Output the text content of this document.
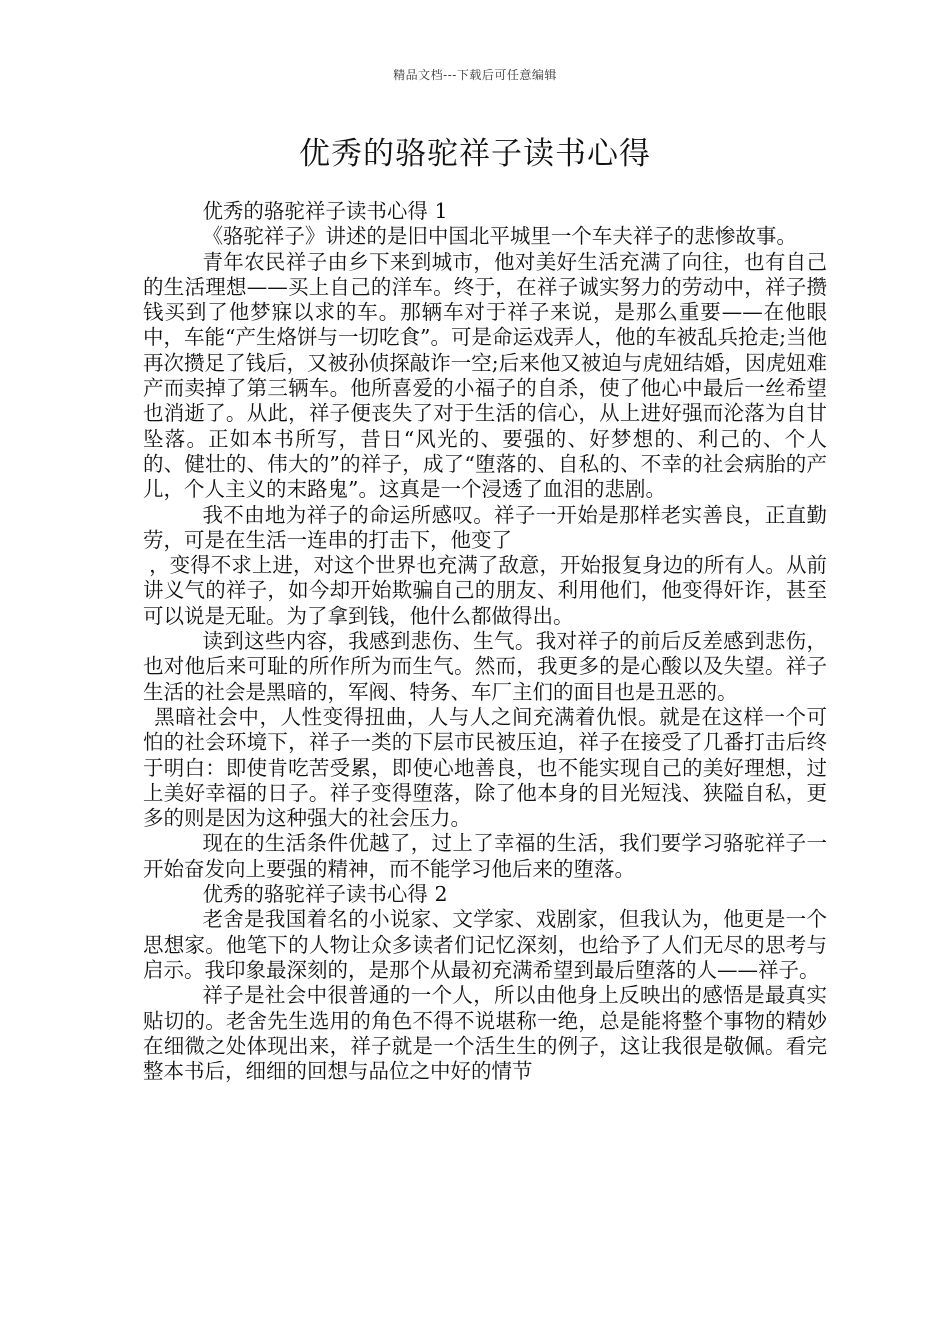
精品文档---下载后可任意编辑
优秀的骆驼祥子读书心得

优秀的骆驼祥子读书心得 1

《骆驼祥子》讲述的是旧中国北平城里一个车夫祥子的悲惨故事。

青年农民祥子由乡下来到城市，他对美好生活充满了向往，也有自己的生活理想——买上自己的洋车。终于，在祥子诚实努力的劳动中，祥子攒钱买到了他梦寐以求的车。那辆车对于祥子来说，是那么重要——在他眼中，车能“产生烙饼与一切吃食”。可是命运戏弄人，他的车被乱兵抢走;当他再次攒足了钱后，又被孙侦探敲诈一空;后来他又被迫与虎妞结婚，因虎妞难产而卖掉了第三辆车。他所喜爱的小福子的自杀，使了他心中最后一丝希望也消逝了。从此，祥子便丧失了对于生活的信心，从上进好强而沦落为自甘坠落。正如本书所写，昔日“风光的、要强的、好梦想的、利己的、个人的、健壮的、伟大的”的祥子，成了“堕落的、自私的、不幸的社会病胎的产儿，个人主义的末路鬼”。这真是一个浸透了血泪的悲剧。

我不由地为祥子的命运所感叹。祥子一开始是那样老实善良，正直勤劳，可是在生活一连串的打击下，他变了

，变得不求上进，对这个世界也充满了敌意，开始报复身边的所有人。从前讲义气的祥子，如今却开始欺骗自己的朋友、利用他们，他变得奸诈，甚至可以说是无耻。为了拿到钱，他什么都做得出。

读到这些内容，我感到悲伤、生气。我对祥子的前后反差感到悲伤，也对他后来可耻的所作所为而生气。然而，我更多的是心酸以及失望。祥子生活的社会是黑暗的，军阀、特务、车厂主们的面目也是丑恶的。

黑暗社会中，人性变得扭曲，人与人之间充满着仇恨。就是在这样一个可怕的社会环境下，祥子一类的下层市民被压迫，祥子在接受了几番打击后终于明白：即使肯吃苦受累，即使心地善良，也不能实现自己的美好理想，过上美好幸福的日子。祥子变得堕落，除了他本身的目光短浅、狭隘自私，更多的则是因为这种强大的社会压力。

现在的生活条件优越了，过上了幸福的生活，我们要学习骆驼祥子一开始奋发向上要强的精神，而不能学习他后来的堕落。

优秀的骆驼祥子读书心得 2

老舍是我国着名的小说家、文学家、戏剧家，但我认为，他更是一个思想家。他笔下的人物让众多读者们记忆深刻，也给予了人们无尽的思考与启示。我印象最深刻的，是那个从最初充满希望到最后堕落的人——祥子。

祥子是社会中很普通的一个人，所以由他身上反映出的感悟是最真实贴切的。老舍先生选用的角色不得不说堪称一绝，总是能将整个事物的精妙在细微之处体现出来，祥子就是一个活生生的例子，这让我很是敬佩。看完整本书后，细细的回想与品位之中好的情节
